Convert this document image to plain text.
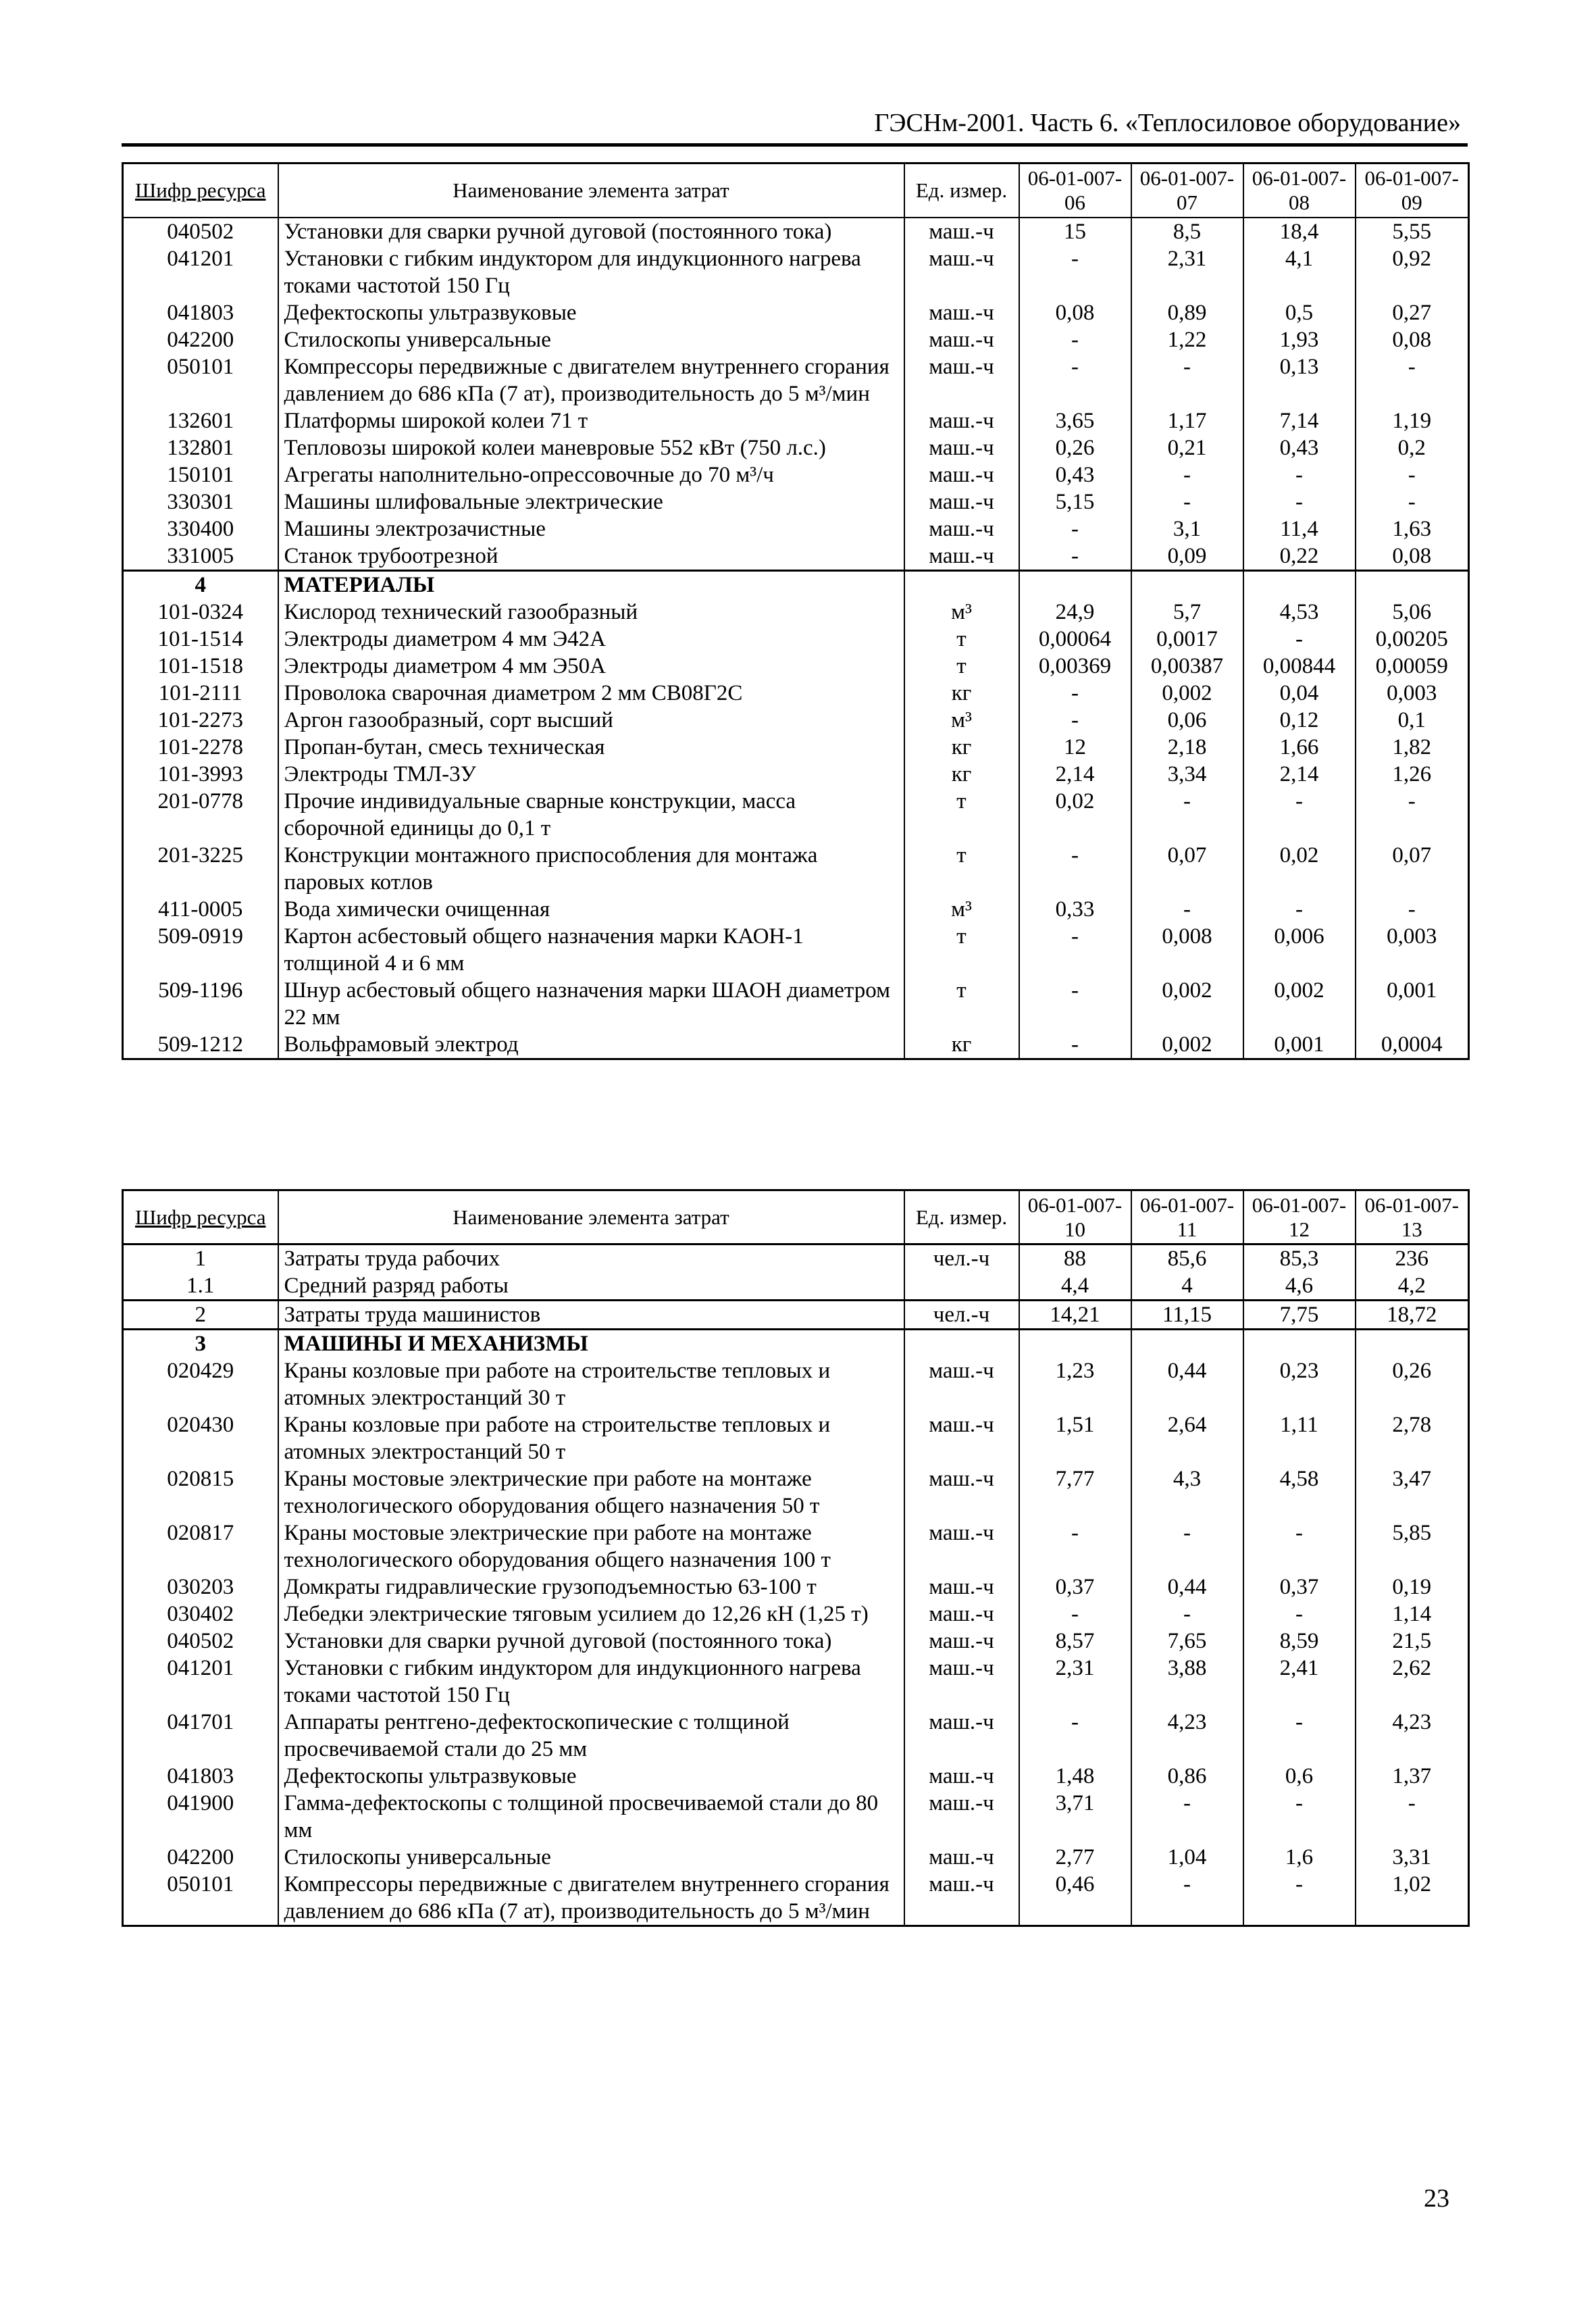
ГЭСНм-2001. Часть 6. «Теплосиловое оборудование»
Шифр ресурса	Наименование элемента затрат	Ед. измер.	06-01-007-06	06-01-007-07	06-01-007-08	06-01-007-09
040502	Установки для сварки ручной дуговой (постоянного тока)	маш.-ч	15	8,5	18,4	5,55
041201	Установки с гибким индуктором для индукционного нагрева токами частотой 150 Гц	маш.-ч	-	2,31	4,1	0,92
041803	Дефектоскопы ультразвуковые	маш.-ч	0,08	0,89	0,5	0,27
042200	Стилоскопы универсальные	маш.-ч	-	1,22	1,93	0,08
050101	Компрессоры передвижные с двигателем внутреннего сгорания давлением до 686 кПа (7 ат), производительность до 5 м³/мин	маш.-ч	-	-	0,13	-
132601	Платформы широкой колеи 71 т	маш.-ч	3,65	1,17	7,14	1,19
132801	Тепловозы широкой колеи маневровые 552 кВт (750 л.с.)	маш.-ч	0,26	0,21	0,43	0,2
150101	Агрегаты наполнительно-опрессовочные до 70 м³/ч	маш.-ч	0,43	-	-	-
330301	Машины шлифовальные электрические	маш.-ч	5,15	-	-	-
330400	Машины электрозачистные	маш.-ч	-	3,1	11,4	1,63
331005	Станок трубоотрезной	маш.-ч	-	0,09	0,22	0,08
4	МАТЕРИАЛЫ					
101-0324	Кислород технический газообразный	м³	24,9	5,7	4,53	5,06
101-1514	Электроды диаметром 4 мм Э42А	т	0,00064	0,0017	-	0,00205
101-1518	Электроды диаметром 4 мм Э50А	т	0,00369	0,00387	0,00844	0,00059
101-2111	Проволока сварочная диаметром 2 мм СВ08Г2С	кг	-	0,002	0,04	0,003
101-2273	Аргон газообразный, сорт высший	м³	-	0,06	0,12	0,1
101-2278	Пропан-бутан, смесь техническая	кг	12	2,18	1,66	1,82
101-3993	Электроды ТМЛ-3У	кг	2,14	3,34	2,14	1,26
201-0778	Прочие индивидуальные сварные конструкции, масса сборочной единицы до 0,1 т	т	0,02	-	-	-
201-3225	Конструкции монтажного приспособления для монтажа паровых котлов	т	-	0,07	0,02	0,07
411-0005	Вода химически очищенная	м³	0,33	-	-	-
509-0919	Картон асбестовый общего назначения марки КАОН-1 толщиной 4 и 6 мм	т	-	0,008	0,006	0,003
509-1196	Шнур асбестовый общего назначения марки ШАОН диаметром 22 мм	т	-	0,002	0,002	0,001
509-1212	Вольфрамовый электрод	кг	-	0,002	0,001	0,0004
Шифр ресурса	Наименование элемента затрат	Ед. измер.	06-01-007-10	06-01-007-11	06-01-007-12	06-01-007-13
1	Затраты труда рабочих	чел.-ч	88	85,6	85,3	236
1.1	Средний разряд работы		4,4	4	4,6	4,2
2	Затраты труда машинистов	чел.-ч	14,21	11,15	7,75	18,72
3	МАШИНЫ И МЕХАНИЗМЫ					
020429	Краны козловые при работе на строительстве тепловых и атомных электростанций 30 т	маш.-ч	1,23	0,44	0,23	0,26
020430	Краны козловые при работе на строительстве тепловых и атомных электростанций 50 т	маш.-ч	1,51	2,64	1,11	2,78
020815	Краны мостовые электрические при работе на монтаже технологического оборудования общего назначения 50 т	маш.-ч	7,77	4,3	4,58	3,47
020817	Краны мостовые электрические при работе на монтаже технологического оборудования общего назначения 100 т	маш.-ч	-	-	-	5,85
030203	Домкраты гидравлические грузоподъемностью 63-100 т	маш.-ч	0,37	0,44	0,37	0,19
030402	Лебедки электрические тяговым усилием до 12,26 кН (1,25 т)	маш.-ч	-	-	-	1,14
040502	Установки для сварки ручной дуговой (постоянного тока)	маш.-ч	8,57	7,65	8,59	21,5
041201	Установки с гибким индуктором для индукционного нагрева токами частотой 150 Гц	маш.-ч	2,31	3,88	2,41	2,62
041701	Аппараты рентгено-дефектоскопические с толщиной просвечиваемой стали до 25 мм	маш.-ч	-	4,23	-	4,23
041803	Дефектоскопы ультразвуковые	маш.-ч	1,48	0,86	0,6	1,37
041900	Гамма-дефектоскопы с толщиной просвечиваемой стали до 80 мм	маш.-ч	3,71	-	-	-
042200	Стилоскопы универсальные	маш.-ч	2,77	1,04	1,6	3,31
050101	Компрессоры передвижные с двигателем внутреннего сгорания давлением до 686 кПа (7 ат), производительность до 5 м³/мин	маш.-ч	0,46	-	-	1,02
23
